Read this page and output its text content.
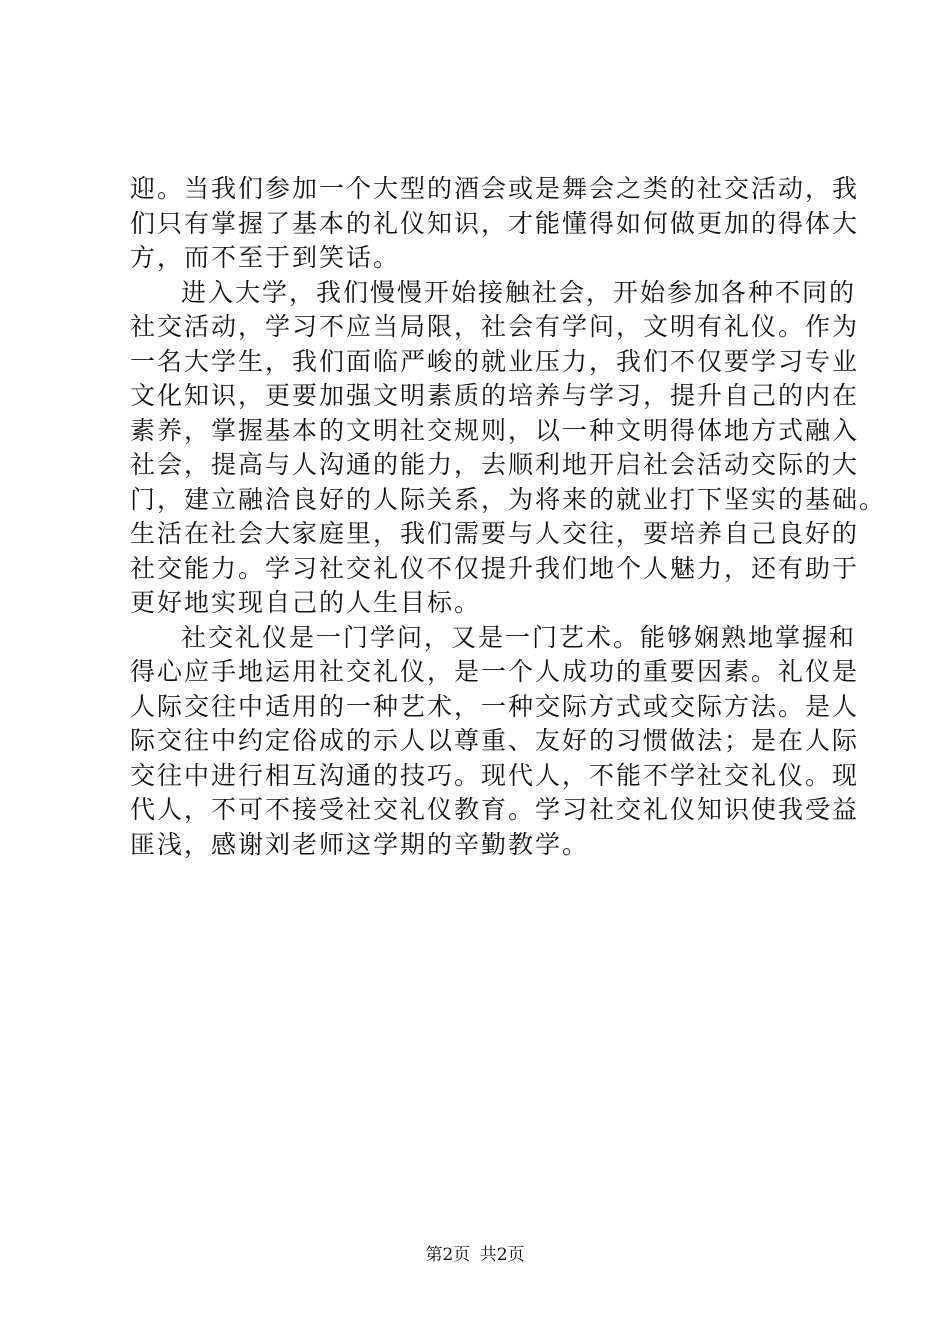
迎。当我们参加一个大型的酒会或是舞会之类的社交活动，我
们只有掌握了基本的礼仪知识，才能懂得如何做更加的得体大
方，而不至于到笑话。
进入大学，我们慢慢开始接触社会，开始参加各种不同的
社交活动，学习不应当局限，社会有学问，文明有礼仪。作为
一名大学生，我们面临严峻的就业压力，我们不仅要学习专业
文化知识，更要加强文明素质的培养与学习，提升自己的内在
素养，掌握基本的文明社交规则，以一种文明得体地方式融入
社会，提高与人沟通的能力，去顺利地开启社会活动交际的大
门，建立融洽良好的人际关系，为将来的就业打下坚实的基础。
生活在社会大家庭里，我们需要与人交往，要培养自己良好的
社交能力。学习社交礼仪不仅提升我们地个人魅力，还有助于
更好地实现自己的人生目标。
社交礼仪是一门学问，又是一门艺术。能够娴熟地掌握和
得心应手地运用社交礼仪，是一个人成功的重要因素。礼仪是
人际交往中适用的一种艺术，一种交际方式或交际方法。是人
际交往中约定俗成的示人以尊重、友好的习惯做法；是在人际
交往中进行相互沟通的技巧。现代人，不能不学社交礼仪。现
代人，不可不接受社交礼仪教育。学习社交礼仪知识使我受益
匪浅，感谢刘老师这学期的辛勤教学。
第2页 共2页
